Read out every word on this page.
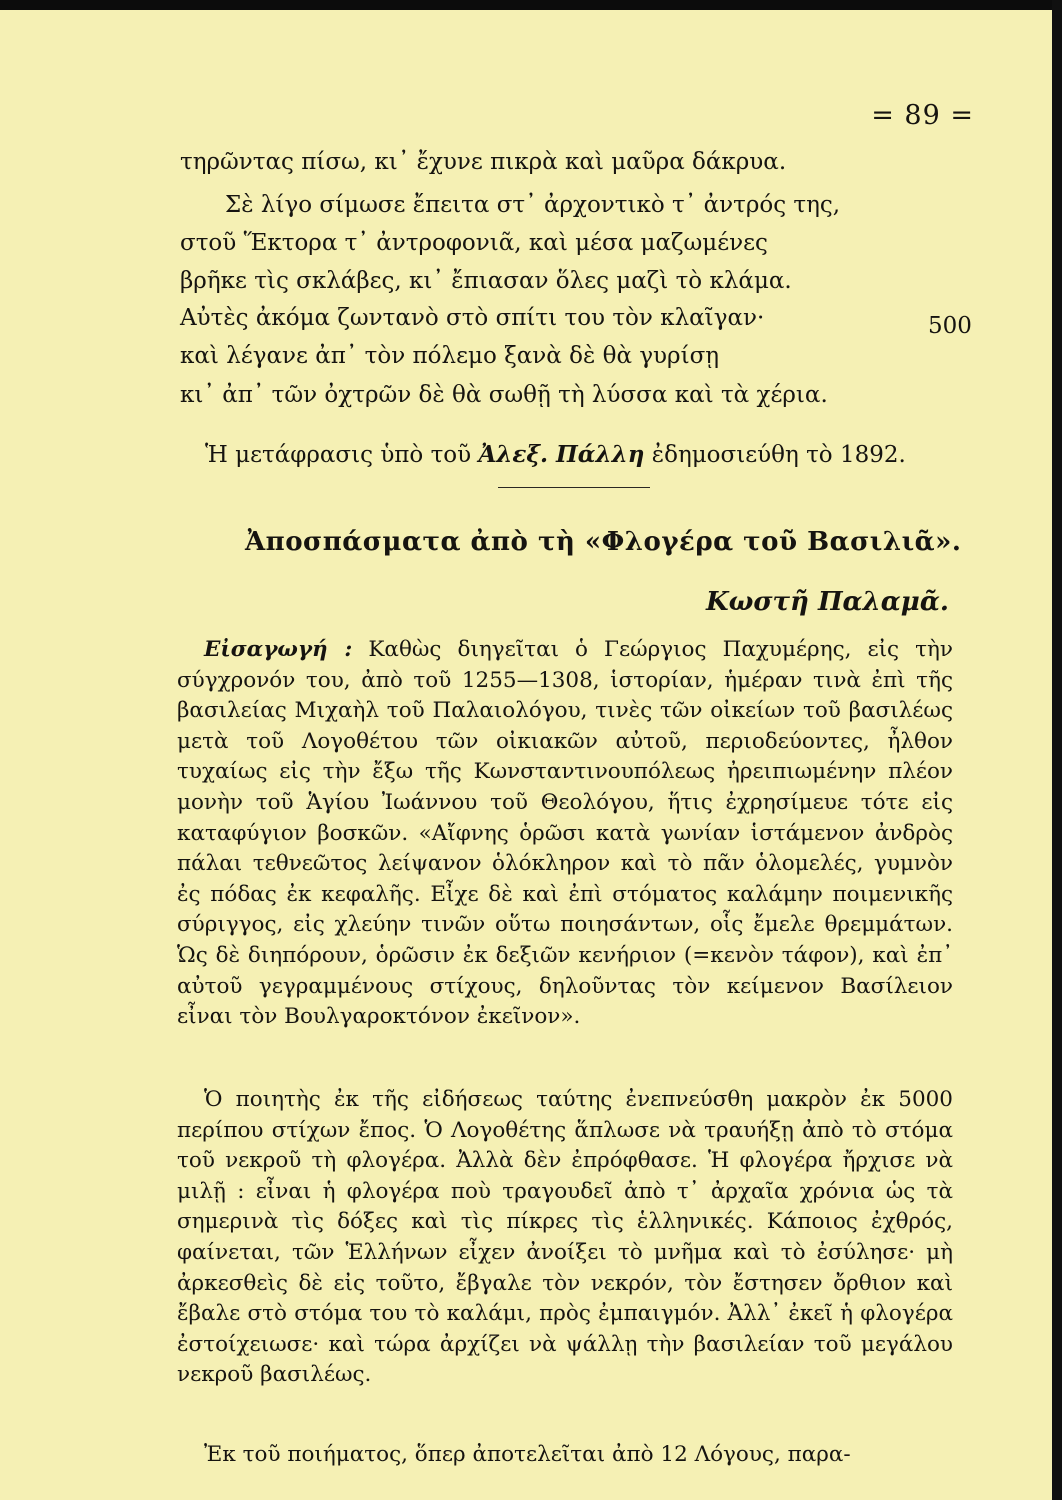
= 89 =
τηρῶντας πίσω, κι᾽ ἔχυνε πικρὰ καὶ μαῦρα δάκρυα.
Σὲ λίγο σίμωσε ἔπειτα στ᾽ ἀρχοντικὸ τ᾽ ἀντρός της,
στοῦ Ἕκτορα τ᾽ ἀντροφονιᾶ, καὶ μέσα μαζωμένες
βρῆκε τὶς σκλάβες, κι᾽ ἔπιασαν ὅλες μαζὶ τὸ κλάμα.
Αὐτὲς ἀκόμα ζωντανὸ στὸ σπίτι του τὸν κλαῖγαν·	500
καὶ λέγανε ἀπ᾽ τὸν πόλεμο ξανὰ δὲ θὰ γυρίσῃ
κι᾽ ἀπ᾽ τῶν ὀχτρῶν δὲ θὰ σωθῇ τὴ λύσσα καὶ τὰ χέρια.
Ἡ μετάφρασις ὑπὸ τοῦ Ἀλεξ. Πάλλη ἐδημοσιεύθη τὸ 1892.
Ἀποσπάσματα ἀπὸ τὴ «Φλογέρα τοῦ Βασιλιᾶ».
Κωστῆ Παλαμᾶ.
Εἰσαγωγή : Καθὼς διηγεῖται ὁ Γεώργιος Παχυμέρης, εἰς τὴν σύγχρονόν του, ἀπὸ τοῦ 1255—1308, ἱστορίαν, ἡμέραν τινὰ ἐπὶ τῆς βασιλείας Μιχαὴλ τοῦ Παλαιολόγου, τινὲς τῶν οἰκείων τοῦ βασιλέως μετὰ τοῦ Λογοθέτου τῶν οἰκιακῶν αὐτοῦ, περιοδεύοντες, ἦλθον τυχαίως εἰς τὴν ἔξω τῆς Κωνσταντινουπόλεως ἠρειπιωμένην πλέον μονὴν τοῦ Ἁγίου Ἰωάννου τοῦ Θεολόγου, ἥτις ἐχρησίμευε τότε εἰς καταφύγιον βοσκῶν. «Αἴφνης ὁρῶσι κατὰ γωνίαν ἱστάμενον ἀνδρὸς πάλαι τεθνεῶτος λείψανον ὁλόκληρον καὶ τὸ πᾶν ὁλομελές, γυμνὸν ἐς πόδας ἐκ κεφαλῆς. Εἶχε δὲ καὶ ἐπὶ στόματος καλάμην ποιμενικῆς σύριγγος, εἰς χλεύην τινῶν οὕτω ποιησάντων, οἷς ἔμελε θρεμμάτων. Ὡς δὲ διηπόρουν, ὁρῶσιν ἐκ δεξιῶν κενήριον (=κενὸν τάφον), καὶ ἐπ᾽ αὐτοῦ γεγραμμένους στίχους, δηλοῦντας τὸν κείμενον Βασίλειον εἶναι τὸν Βουλγαροκτόνον ἐκεῖνον».
Ὁ ποιητὴς ἐκ τῆς εἰδήσεως ταύτης ἐνεπνεύσθη μακρὸν ἐκ 5000 περίπου στίχων ἔπος. Ὁ Λογοθέτης ἅπλωσε νὰ τραυήξῃ ἀπὸ τὸ στόμα τοῦ νεκροῦ τὴ φλογέρα. Ἀλλὰ δὲν ἐπρόφθασε. Ἡ φλογέρα ἤρχισε νὰ μιλῇ : εἶναι ἡ φλογέρα ποὺ τραγουδεῖ ἀπὸ τ᾽ ἀρχαῖα χρόνια ὡς τὰ σημερινὰ τὶς δόξες καὶ τὶς πίκρες τὶς ἑλληνικές. Κάποιος ἐχθρός, φαίνεται, τῶν Ἑλλήνων εἶχεν ἀνοίξει τὸ μνῆμα καὶ τὸ ἐσύλησε· μὴ ἀρκεσθεὶς δὲ εἰς τοῦτο, ἔβγαλε τὸν νεκρόν, τὸν ἔστησεν ὄρθιον καὶ ἔβαλε στὸ στόμα του τὸ καλάμι, πρὸς ἐμπαιγμόν. Ἀλλ᾽ ἐκεῖ ἡ φλογέρα ἐστοίχειωσε· καὶ τώρα ἀρχίζει νὰ ψάλλῃ τὴν βασιλείαν τοῦ μεγάλου νεκροῦ βασιλέως.
Ἐκ τοῦ ποιήματος, ὅπερ ἀποτελεῖται ἀπὸ 12 Λόγους, παρα-
